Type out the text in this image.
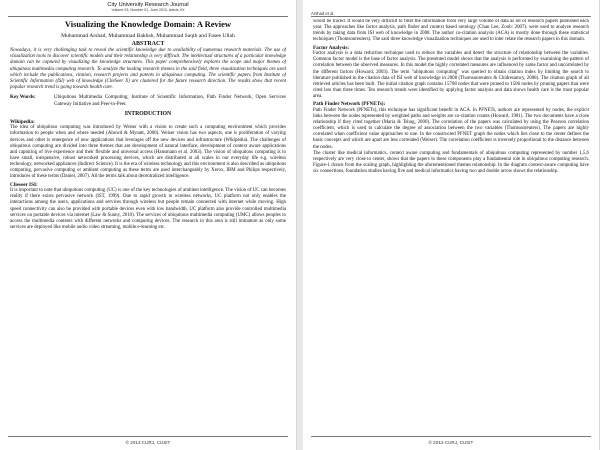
City University Research Journal
Volume 03, Number 01, June 2013, Article XX
Visualizing the Knowledge Domain: A Review
Muhammad Arshad, Muhammad Bakhsh, Muhammad Saqib and Fasee Ullah
ABSTRACT

Nowadays, it is very challenging task to reveal the scientific knowledge due to availability of numerous research materials. The use of visualization tools to discover scientific models and their relationship is very difficult. The intellectual structures of a particular knowledge domain can be captured by visualizing the knowledge structures. This paper comprehensively explores the scope and major themes of ubiquitous multimedia computing research. To analyze the leading research themes in the said field, three visualization techniques are used which include the publications, citation, research projects and patents in ubiquitous computing. The scientific papers from Institute of Scientific Information (ISI) web of knowledge (ClieSeer X) are clustered for the future research direction. The results show that recent popular research trend is going towards health care.

Key Words:	Ubiquitous Multimedia Computing, Institute of Scientific Information, Path Finder Network, Open Services Gateway Initiative and Peer-to-Peer.
INTRODUCTION
Wikipedia:

The idea of ubiquitous computing was introduced by Weiser with a vision to create such a computing environment which provides information to people when and where needed (Abowd & Mynatt, 2000). Weiser vision has two aspects, one is proliferation of varying devices and other is emergence of new applications that leverages off the new devices and infrastructure (Wikipedia). The challenges of ubiquitous computing are divided into three themes that are development of natural interface, development of context aware applications and capturing of live experience and their flexible and universal access (Hansmann et al. 2003). The vision of ubiquitous computing is to have small, inexpensive, robust networked processing devices, which are distributed at all scales in our everyday life e.g. wireless technology, networked appliances (Indirect Science). It is the era of wireless technology and this environment is also described as ubiquitous computing, pervasive computing or ambient computing as these terms are used interchangeably by Xerox, IBM and Philips respectively, introduces of these terms (Daniel, 2007). All the terms talk about decentralized intelligence.

Clieseer ISI:

It is important to note that ubiquitous computing (UC) is one of the key technologies of ambient intelligence. The vision of UC can becomes reality if there exists pervasive network (IST, 1999). Due to rapid growth in wireless networks, UC platform not only enables the interactions among the users, applications and services through wireless but people remain connected with internet while moving. High speed connectivity can also be provided with portable devices even with low bandwidth. UC platform also provide controlled multimedia services on portable devices via internet (Law & Sunny, 2010). The services of ubiquitous multimedia computing (UMC) allows peoples to access the multimedia contents with different networks and computing devices. The research in this area is still immature as only some services are deployed like mobile audio video streaming, mobile e-learning etc.

© 2013 CURJ, CUSIT
Arshad et al.

would be traced. It would be very difficult to filter the information from very large volume of data as lot of research papers published each year. The approaches like factor analysis, path finder and context based ontology (Chan Lee, Zoob: 2007). were used to analyze research trends by taking data from ISI web of knowledge in 2008. The author co-citation analysis (ACA) is mostly done through these statistical techniques (Thomsonreuters). The said three knowledge visualization techniques are used to inter relate the research papers in this domain.

Factor Analysis:

Factor analysis is a data reduction technique used to reduce the variables and detect the structure of relationship between the variables. Common factor model is the base of factor analysis. The presented model shows that the analysis is performed by examining the pattern of correlation between the observed measures. In this model the highly correlated measures are influenced by same factor and uncorrelated by the different factors (Howard, 2003). The term "ubiquitous computing" was queried to obtain citation index by limiting the search to literature published in the citation data of ISI web of knowledge in 2008 (Thomsonreuters & Chidresamcy, 2008). The citation graph of all retrieved articles has been built. The initial citation graph contains 15708 nodes that were pruned to 1506 nodes by pruning papers that were cited less than three times. Ten research trends were identified by applying factor analysis and data shows health care is the most popular area.

Path Finder Network (PFNETs):

Path Finder Network (PFNETs), this technique has significant benefit in ACA. In PFNETs, authors are represented by nodes, the explicit links between the nodes represented by weighted paths and weights are co-citation counts (Howard, 1981). The two documents have a close relationship if they cited together (Maria & Tshug, 2000). The correlation of the papers was calculated by using the Pearson correlation coefficient, which is used to calculate the degree of association between the two variables (Thomsonreuters). The papers are highly correlated when coefficient value approaches to one. In the constructed PFNET graph the nodes which lies close to the center defines the basic concepts and which are apart are less correlated (Weiser). The correlation coefficient is inversely proportional to the distance between the nodes.

The cluster like medical informatics, context aware computing and fundamentals of ubiquitous computing represented by number 1,5,6 respectively are very close to center, shows that the papers in these components play a fundamental role in ubiquitous computing research. Figure-1 drawn from the scaling graph, highlighting the aforementioned themes relationship. In the diagram context-aware computing have six connections, foundation studies having five and medical informatics having two and double arrow shows the relationship.

© 2013 CURJ, CUSIT
